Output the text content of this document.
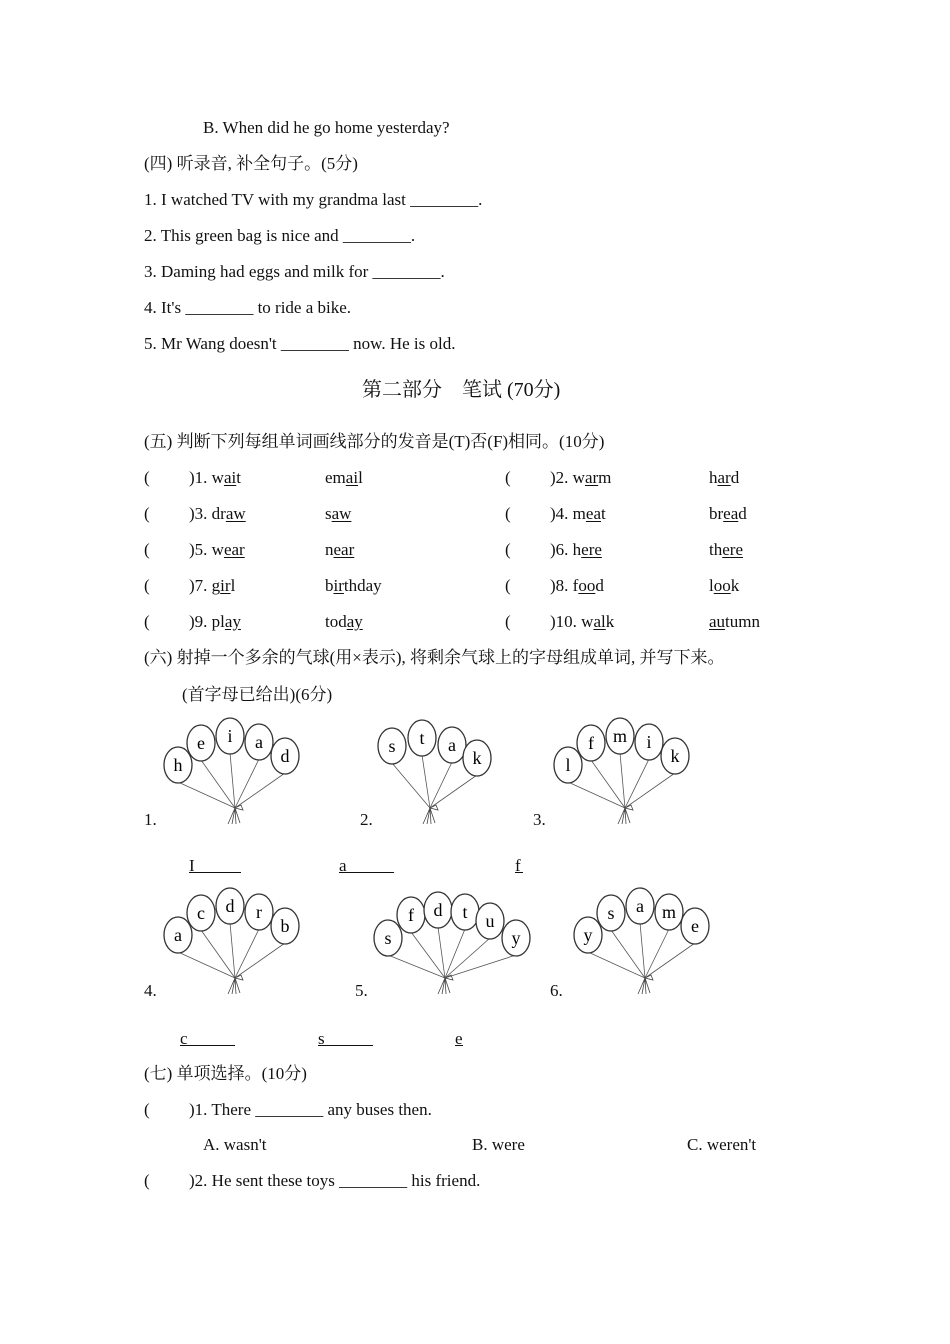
B. When did he go home yesterday?
(四) 听录音, 补全句子。(5分)
1. I watched TV with my grandma last ________.
2. This green bag is nice and ________.
3. Daming had eggs and milk for ________.
4. It's ________ to ride a bike.
5. Mr Wang doesn't ________ now. He is old.
第二部分　笔试 (70分)
(五) 判断下列每组单词画线部分的发音是(T)否(F)相同。(10分)
( )1. wait	email	( )2. warm	hard
( )3. draw	saw	( )4. meat	bread
( )5. wear	near	( )6. here	there
( )7. girl	birthday	( )8. food	look
( )9. play	today	( )10. walk	autumn
(六) 射掉一个多余的气球(用×表示), 将剩余气球上的字母组成单词, 并写下来。
(首字母已给出)(6分)
h
e i a
d	s t a
k	l
f m i
k
a
c d r
b
s
f d t u
y	y
s a m
e
1.
I
2.
a
3.
f
4.
c
5.
s
6.
e
(七) 单项选择。(10分)
( )1. There ________ any buses then.
A. wasn't	B. were	C. weren't
( )2. He sent these toys ________ his friend.
